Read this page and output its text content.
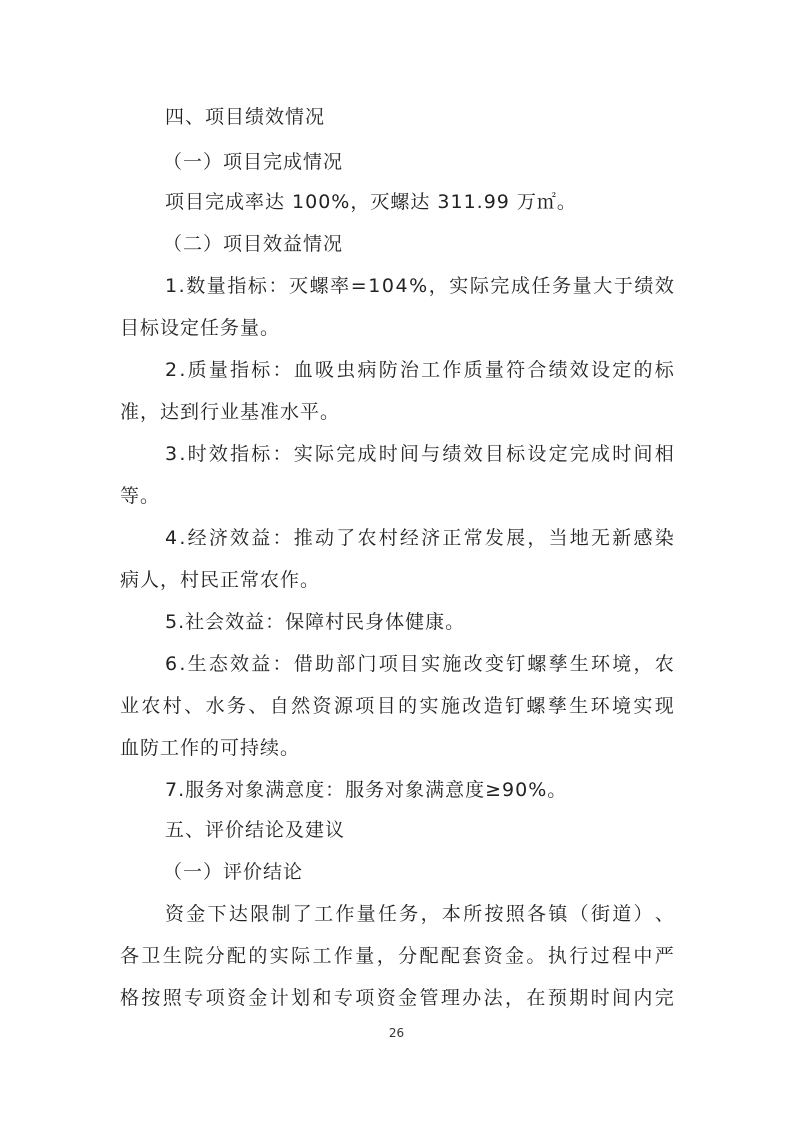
四、项目绩效情况
（一）项目完成情况
项目完成率达 100%，灭螺达 311.99 万㎡。
（二）项目效益情况
1 . 数 量 指 标 ： 灭 螺 率 = 1 0 4 % ， 实 际 完 成 任 务 量 大 于 绩 效
目标设定任务量。
2 . 质 量 指 标 ： 血 吸 虫 病 防 治 工 作 质 量 符 合 绩 效 设 定 的 标
准，达到行业基准水平。
3 . 时 效 指 标 ： 实 际 完 成 时 间 与 绩 效 目 标 设 定 完 成 时 间 相
等。
4 . 经 济 效 益 ： 推 动 了 农 村 经 济 正 常 发 展 ， 当 地 无 新 感 染
病人，村民正常农作。
5.社会效益：保障村民身体健康。
6 . 生 态 效 益 ： 借 助 部 门 项 目 实 施 改 变 钉 螺 孳 生 环 境 ， 农
业 农 村 、 水 务 、 自 然 资 源 项 目 的 实 施 改 造 钉 螺 孳 生 环 境 实 现
血防工作的可持续。
7.服务对象满意度：服务对象满意度≥90%。
五、评价结论及建议
（一）评价结论
资 金 下 达 限 制 了 工 作 量 任 务 ， 本 所 按 照 各 镇 （ 街 道 ） 、
各 卫 生 院 分 配 的 实 际 工 作 量 ， 分 配 配 套 资 金 。 执 行 过 程 中 严
格 按 照 专 项 资 金 计 划 和 专 项 资 金 管 理 办 法 ， 在 预 期 时 间 内 完
26
